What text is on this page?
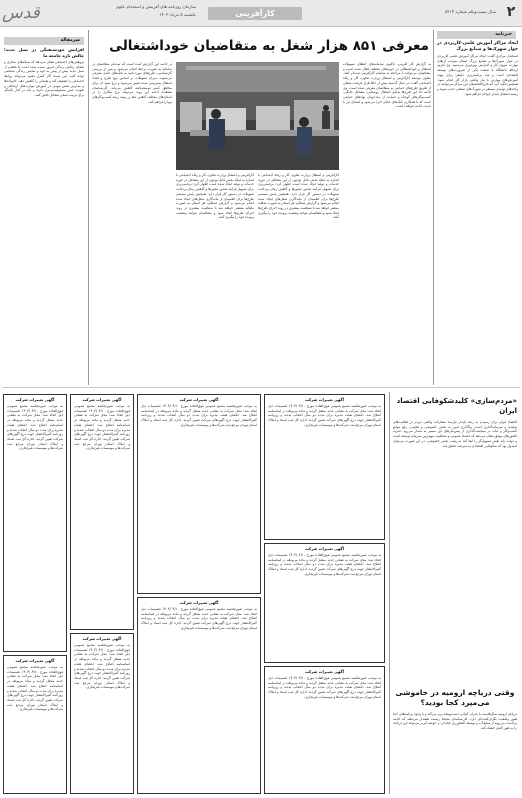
قدس	سازمان روزنامه های آفرینش و استخدام علوم
یکشنبه ۵ مرداد ۱۴۰۳	کارآفرینی	سال بیست‌ویکم شماره ۵۲۱۴ ۲
خبرنامه
ایجاد مراکز آموزش علمی-کاربردی در جوار شهرک‌ها و صنایع بزرگ
استاندار مرکزی گفت: ایجاد مراکز آموزش علمی کاربردی در جوار شهرک‌ها و صنایع بزرگ استان موجب ارتقای مهارت نیروی کار و افزایش بهره‌وری می‌شود. وی افزود ارتباط دانشگاه با صنعت یکی از ضرورت‌های توسعه اقتصادی است و باید برنامه‌ریزی دقیقی برای پیوند آموزش‌های مهارتی با نیاز واقعی بازار کار انجام شود. همچنین تاکید کرد که فارغ‌التحصیلان این مراکز می‌توانند در واحدهای تولیدی مستقر در شهرک‌های صنعتی جذب شوند و زمینه اشتغال پایدار جوانان فراهم شود.
معرفی ۸۵۱ هزار شغل به متقاضیان خوداشتغالی
به گزارش کار آفرینی، تاکنون سامانه‌های اعطای تسهیلات اشتغال و خوداشتغالی در حوزه‌های مختلف فعال شده است و متقاضیان می‌توانند با مراجعه به سامانه کارآفرینی ثبت‌نام کنند. معاون توسعه کارآفرینی و اشتغال وزارت تعاون، کار و رفاه اجتماعی گفت: در سال گذشته بیش از ۸۵۱ هزار فرصت شغلی از طریق طرح‌های حمایتی به متقاضیان معرفی شده است. وی ادامه داد این طرح‌ها شامل اشتغال روستایی، مشاغل خانگی، کسب‌وکارهای کوچک و حمایت از مددجویان نهادهای حمایتی است که با همکاری بانک‌های عامل اجرا می‌شود و امسال نیز با جدیت ادامه خواهد داشت.
کارآفرینی و اشتغال وزارت تعاون، کار و رفاه اجتماعی با اشاره به اینکه بخش قابل توجهی از این مشاغل در حوزه خدمات و تولید ایجاد شده است اظهار کرد: برنامه‌ریزی برای تسهیل فرآیند صدور مجوزها و کاهش زمان پرداخت تسهیلات در دستور کار قرار دارد. همچنین پایش مستمر طرح‌ها برای اطمینان از ماندگاری شغل‌های ایجاد شده انجام می‌شود و گزارش عملکرد هر استان به صورت ماهانه منتشر خواهد شد تا شفافیت بیشتری در روند اجرای طرح‌ها ایجاد شود و متقاضیان بتوانند وضعیت پرونده خود را پیگیری کنند.
کارآفرینی و اشتغال وزارت تعاون، کار و رفاه اجتماعی با اشاره به اینکه بخش قابل توجهی از این مشاغل در حوزه خدمات و تولید ایجاد شده است اظهار کرد: برنامه‌ریزی برای تسهیل فرآیند صدور مجوزها و کاهش زمان پرداخت تسهیلات در دستور کار قرار دارد. همچنین پایش مستمر طرح‌ها برای اطمینان از ماندگاری شغل‌های ایجاد شده انجام می‌شود و گزارش عملکرد هر استان به صورت ماهانه منتشر خواهد شد تا شفافیت بیشتری در روند اجرای طرح‌ها ایجاد شود و متقاضیان بتوانند وضعیت پرونده خود را پیگیری کنند.
در ادامه این گزارش آمده است که ثبت‌نام متقاضیان در سامانه به صورت برخط انجام می‌شود و پس از بررسی کارشناسی، طرح‌های مورد تایید به بانک‌های عامل معرفی می‌شوند. میزان تسهیلات بر اساس نوع طرح و تعداد اشتغال پیش‌بینی شده تعیین می‌شود و نرخ سود آن برای مناطق کمتر توسعه‌یافته کاهش می‌یابد. کارشناسان معتقدند ادامه این روند می‌تواند نرخ بیکاری را در استان‌های مختلف کاهش دهد و زمینه رشد کسب‌وکارهای نوپا را فراهم کند.
سرمقاله
افزایش خودشیفتگی در نسل جدید؛ چالش تازه جامعه ما
پژوهش‌های اجتماعی نشان می‌دهد که شبکه‌های مجازی و فضای رقابتی زندگی امروز سبب شده است تا بخشی از نسل جدید بیش از پیش به خود و نمایش زندگی شخصی توجه کنند. این پدیده اگر کنترل نشود می‌تواند روابط اجتماعی را تضعیف کند و همدلی را کاهش دهد. خانواده‌ها و مدارس نقش مهمی در آموزش مهارت‌های ارتباطی و تقویت حس مسئولیت‌پذیری دارند و باید در کنار یکدیگر برای تربیت نسلی متعادل تلاش کنند.
«مردم‌سازی» کلیدشکوفایی اقتصاد ایران
اقتصاد ایران برای رسیدن به رشد پایدار نیازمند مشارکت واقعی مردم در فعالیت‌های تولیدی و سرمایه‌گذاری است. واگذاری امور به بخش خصوصی و تعاونی، رفع موانع کسب‌وکار و ثبات در سیاست‌گذاری از پیش‌نیازهای این مسیر به شمار می‌رود. تجربه کشورهای موفق نشان می‌دهد که اعتماد عمومی و شفافیت مهم‌ترین سرمایه توسعه است و دولت باید نقش تسهیل‌گر را ایفا کند نه رقیب بخش خصوصی. در این صورت می‌توان امیدوار بود که شکوفایی اقتصادی به سرعت تحقق یابد.
وقتی دریاچه ارومیه در خاموشی می‌میرد کجا بودید؟
دریاچه ارومیه سال‌هاست با بحران کم‌آبی دست‌وپنجه نرم می‌کند و با وجود برنامه‌های احیا هنوز وضعیت نگران‌کننده‌ای دارد. کارشناسان محیط زیست هشدار می‌دهند که ادامه برداشت بی‌رویه از منابع آب و توسعه کشاورزی ناپایدار در حوضه آبریز می‌تواند این دریاچه را به طور کامل خشک کند.
آگهی تغییرات شرکت
به موجب صورتجلسه مجمع عمومی فوق‌العاده مورخ ۱۴۰۳/۰۴/۱۰ تصمیمات ذیل اتخاذ شد: محل شرکت به نشانی جدید منتقل گردید و ماده مربوطه در اساسنامه اصلاح شد. اعضای هیئت مدیره برای مدت دو سال انتخاب شدند و روزنامه کثیرالانتشار جهت درج آگهی‌های شرکت تعیین گردید. اداره کل ثبت اسناد و املاک استان تهران مرجع ثبت شرکت‌ها و موسسات غیرتجاری.
آگهی تغییرات شرکت
به موجب صورتجلسه مجمع عمومی فوق‌العاده مورخ ۱۴۰۳/۰۴/۱۰ تصمیمات ذیل اتخاذ شد: محل شرکت به نشانی جدید منتقل گردید و ماده مربوطه در اساسنامه اصلاح شد. اعضای هیئت مدیره برای مدت دو سال انتخاب شدند و روزنامه کثیرالانتشار جهت درج آگهی‌های شرکت تعیین گردید. اداره کل ثبت اسناد و املاک استان تهران مرجع ثبت شرکت‌ها و موسسات غیرتجاری.
آگهی تغییرات شرکت
به موجب صورتجلسه مجمع عمومی فوق‌العاده مورخ ۱۴۰۳/۰۴/۱۰ تصمیمات ذیل اتخاذ شد: محل شرکت به نشانی جدید منتقل گردید و ماده مربوطه در اساسنامه اصلاح شد. اعضای هیئت مدیره برای مدت دو سال انتخاب شدند و روزنامه کثیرالانتشار جهت درج آگهی‌های شرکت تعیین گردید. اداره کل ثبت اسناد و املاک استان تهران مرجع ثبت شرکت‌ها و موسسات غیرتجاری.
آگهی تغییرات شرکت
به موجب صورتجلسه مجمع عمومی فوق‌العاده مورخ ۱۴۰۳/۰۴/۱۰ تصمیمات ذیل اتخاذ شد: محل شرکت به نشانی جدید منتقل گردید و ماده مربوطه در اساسنامه اصلاح شد. اعضای هیئت مدیره برای مدت دو سال انتخاب شدند و روزنامه کثیرالانتشار جهت درج آگهی‌های شرکت تعیین گردید. اداره کل ثبت اسناد و املاک استان تهران مرجع ثبت شرکت‌ها و موسسات غیرتجاری.
آگهی تغییرات شرکت
به موجب صورتجلسه مجمع عمومی فوق‌العاده مورخ ۱۴۰۳/۰۴/۱۰ تصمیمات ذیل اتخاذ شد: محل شرکت به نشانی جدید منتقل گردید و ماده مربوطه در اساسنامه اصلاح شد. اعضای هیئت مدیره برای مدت دو سال انتخاب شدند و روزنامه کثیرالانتشار جهت درج آگهی‌های شرکت تعیین گردید. اداره کل ثبت اسناد و املاک استان تهران مرجع ثبت شرکت‌ها و موسسات غیرتجاری.
آگهی تغییرات شرکت
به موجب صورتجلسه مجمع عمومی فوق‌العاده مورخ ۱۴۰۳/۰۴/۱۰ تصمیمات ذیل اتخاذ شد: محل شرکت به نشانی جدید منتقل گردید و ماده مربوطه در اساسنامه اصلاح شد. اعضای هیئت مدیره برای مدت دو سال انتخاب شدند و روزنامه کثیرالانتشار جهت درج آگهی‌های شرکت تعیین گردید. اداره کل ثبت اسناد و املاک استان تهران مرجع ثبت شرکت‌ها و موسسات غیرتجاری.
آگهی تغییرات شرکت
به موجب صورتجلسه مجمع عمومی فوق‌العاده مورخ ۱۴۰۳/۰۴/۱۰ تصمیمات ذیل اتخاذ شد: محل شرکت به نشانی جدید منتقل گردید و ماده مربوطه در اساسنامه اصلاح شد. اعضای هیئت مدیره برای مدت دو سال انتخاب شدند و روزنامه کثیرالانتشار جهت درج آگهی‌های شرکت تعیین گردید. اداره کل ثبت اسناد و املاک استان تهران مرجع ثبت شرکت‌ها و موسسات غیرتجاری.
آگهی تغییرات شرکت
به موجب صورتجلسه مجمع عمومی فوق‌العاده مورخ ۱۴۰۳/۰۴/۱۰ تصمیمات ذیل اتخاذ شد: محل شرکت به نشانی جدید منتقل گردید و ماده مربوطه در اساسنامه اصلاح شد. اعضای هیئت مدیره برای مدت دو سال انتخاب شدند و روزنامه کثیرالانتشار جهت درج آگهی‌های شرکت تعیین گردید. اداره کل ثبت اسناد و املاک استان تهران مرجع ثبت شرکت‌ها و موسسات غیرتجاری.
آگهی تغییرات شرکت
به موجب صورتجلسه مجمع عمومی فوق‌العاده مورخ ۱۴۰۳/۰۴/۱۰ تصمیمات ذیل اتخاذ شد: محل شرکت به نشانی جدید منتقل گردید و ماده مربوطه در اساسنامه اصلاح شد. اعضای هیئت مدیره برای مدت دو سال انتخاب شدند و روزنامه کثیرالانتشار جهت درج آگهی‌های شرکت تعیین گردید. اداره کل ثبت اسناد و املاک استان تهران مرجع ثبت شرکت‌ها و موسسات غیرتجاری.
